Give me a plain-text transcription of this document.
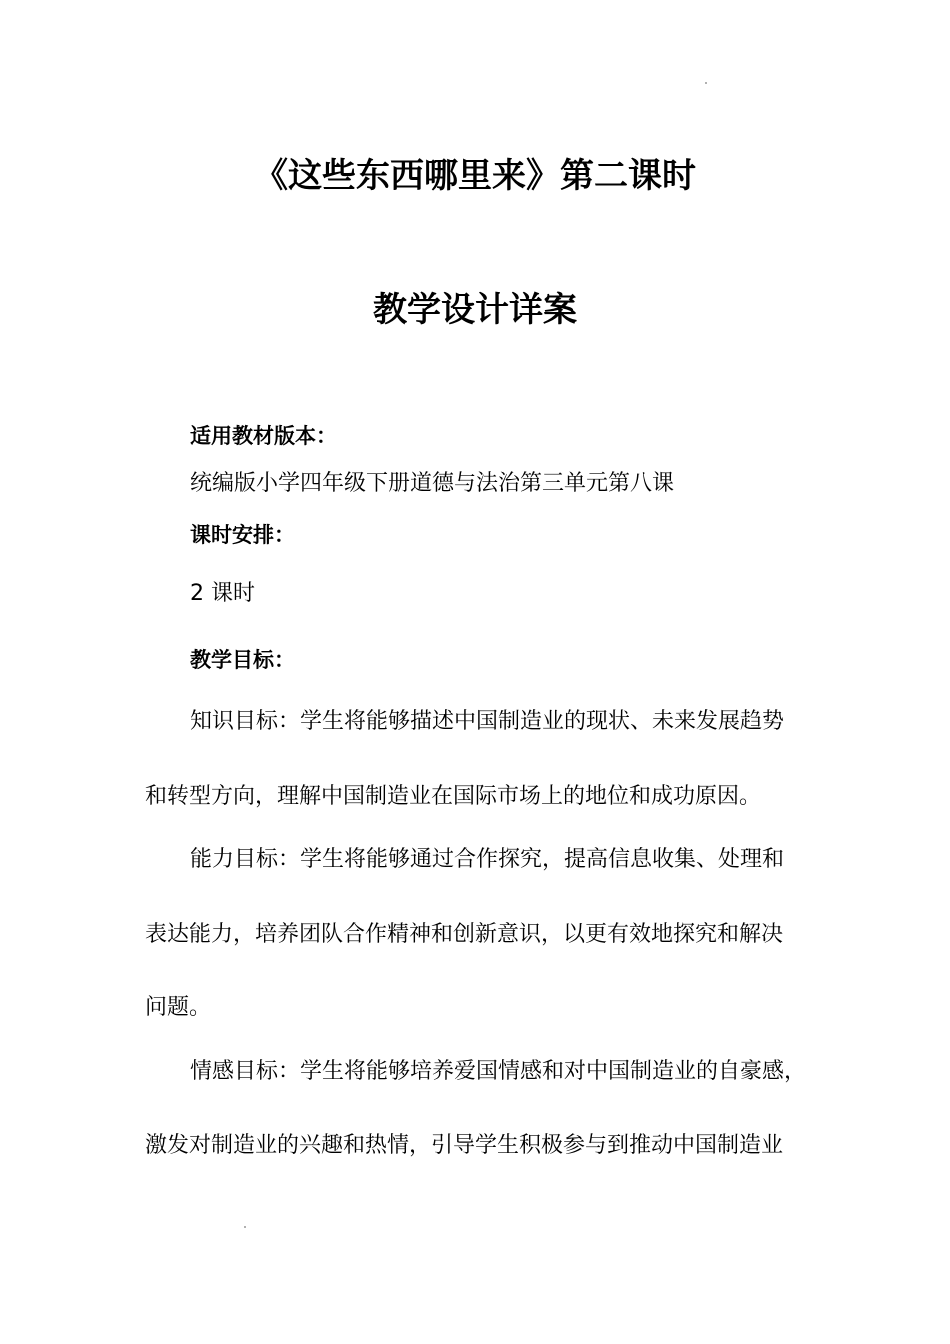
《这些东西哪里来》第二课时
教学设计详案
适用教材版本：
统编版小学四年级下册道德与法治第三单元第八课
课时安排：
2 课时
教学目标：
知识目标：学生将能够描述中国制造业的现状、未来发展趋势
和转型方向，理解中国制造业在国际市场上的地位和成功原因。
能力目标：学生将能够通过合作探究，提高信息收集、处理和
表达能力，培养团队合作精神和创新意识，以更有效地探究和解决
问题。
情感目标：学生将能够培养爱国情感和对中国制造业的自豪感，
激发对制造业的兴趣和热情，引导学生积极参与到推动中国制造业
